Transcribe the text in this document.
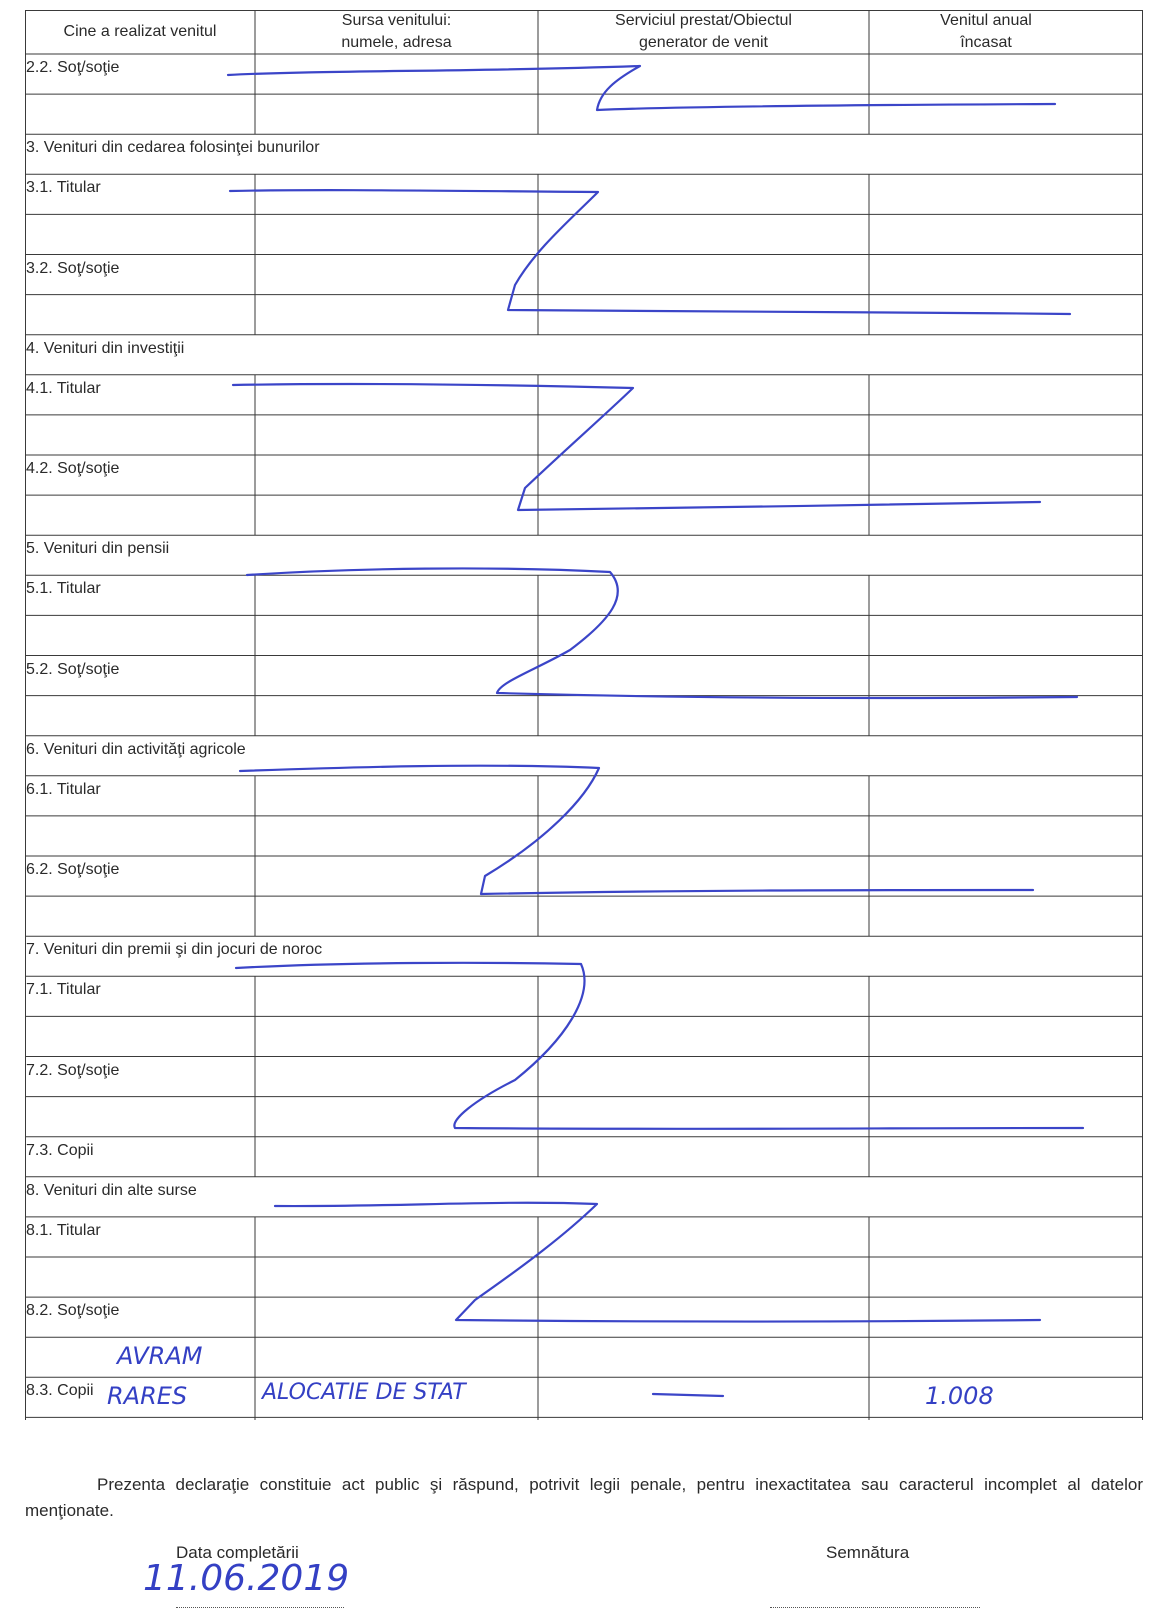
Cine a realizat venitul
Sursa venitului:
numele, adresa
Serviciul prestat/Obiectul
generator de venit
Venitul anual
încasat
2.2. Soţ/soţie
3. Venituri din cedarea folosinţei bunurilor
3.1. Titular
3.2. Soţ/soţie
4. Venituri din investiţii
4.1. Titular
4.2. Soţ/soţie
5. Venituri din pensii
5.1. Titular
5.2. Soţ/soţie
6. Venituri din activităţi agricole
6.1. Titular
6.2. Soţ/soţie
7. Venituri din premii şi din jocuri de noroc
7.1. Titular
7.2. Soţ/soţie
7.3. Copii
8. Venituri din alte surse
8.1. Titular
8.2. Soţ/soţie
8.3. Copii
AVRAM
RARES	ALOCATIE DE STAT	1.008
Prezenta declaraţie constituie act public şi răspund, potrivit legii penale, pentru inexactitatea sau caracterul incomplet al datelor menţionate.
Data completării
11.06.2019
Semnătura
